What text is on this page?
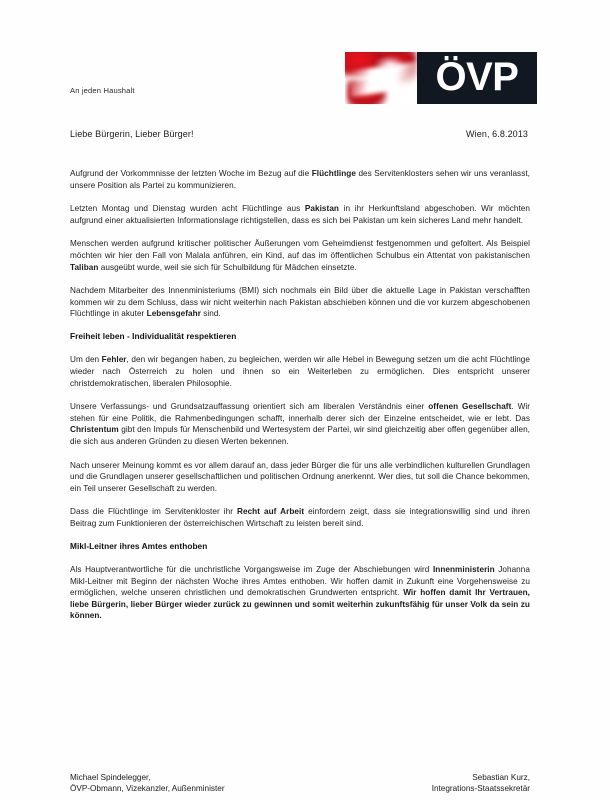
ÖVP
An jeden Haushalt
Liebe Bürgerin, Lieber Bürger!	Wien, 6.8.2013

Aufgrund der Vorkommnisse der letzten Woche im Bezug auf die Flüchtlinge des Servitenklosters sehen wir uns veranlasst, unsere Position als Partei zu kommunizieren.

Letzten Montag und Dienstag wurden acht Flüchtlinge aus Pakistan in ihr Herkunftsland abgeschoben. Wir möchten aufgrund einer aktualisierten Informationslage richtigstellen, dass es sich bei Pakistan um kein sicheres Land mehr handelt.

Menschen werden aufgrund kritischer politischer Äußerungen vom Geheimdienst festgenommen und gefoltert. Als Beispiel möchten wir hier den Fall von Malala anführen, ein Kind, auf das im öffentlichen Schulbus ein Attentat von pakistanischen Taliban ausgeübt wurde, weil sie sich für Schulbildung für Mädchen einsetzte.

Nachdem Mitarbeiter des Innenministeriums (BMI) sich nochmals ein Bild über die aktuelle Lage in Pakistan verschafften kommen wir zu dem Schluss, dass wir nicht weiterhin nach Pakistan abschieben können und die vor kurzem abgeschobenen Flüchtlinge in akuter Lebensgefahr sind.

Freiheit leben - Individualität respektieren

Um den Fehler, den wir begangen haben, zu begleichen, werden wir alle Hebel in Bewegung setzen um die acht Flüchtlinge wieder nach Österreich zu holen und ihnen so ein Weiterleben zu ermöglichen. Dies entspricht unserer christdemokratischen, liberalen Philosophie.

Unsere Verfassungs- und Grundsatzauffassung orientiert sich am liberalen Verständnis einer offenen Gesellschaft. Wir stehen für eine Politik, die Rahmenbedingungen schafft, innerhalb derer sich der Einzelne entscheidet, wie er lebt. Das Christentum gibt den Impuls für Menschenbild und Wertesystem der Partei, wir sind gleichzeitig aber offen gegenüber allen, die sich aus anderen Gründen zu diesen Werten bekennen.

Nach unserer Meinung kommt es vor allem darauf an, dass jeder Bürger die für uns alle verbindlichen kulturellen Grundlagen und die Grundlagen unserer gesellschaftlichen und politischen Ordnung anerkennt. Wer dies, tut soll die Chance bekommen, ein Teil unserer Gesellschaft zu werden.

Dass die Flüchtlinge im Servitenkloster ihr Recht auf Arbeit einfordern zeigt, dass sie integrationswillig sind und ihren Beitrag zum Funktionieren der österreichischen Wirtschaft zu leisten bereit sind.

Mikl-Leitner ihres Amtes enthoben

Als Hauptverantwortliche für die unchristliche Vorgangsweise im Zuge der Abschiebungen wird Innenministerin Johanna Mikl-Leitner mit Beginn der nächsten Woche ihres Amtes enthoben. Wir hoffen damit in Zukunft eine Vorgehensweise zu ermöglichen, welche unseren christlichen und demokratischen Grundwerten entspricht. Wir hoffen damit Ihr Vertrauen, liebe Bürgerin, lieber Bürger wieder zurück zu gewinnen und somit weiterhin zukunftsfähig für unser Volk da sein zu können.

Michael Spindelegger,
ÖVP-Obmann, Vizekanzler, Außenminister
Sebastian Kurz,
Integrations-Staatssekretär
